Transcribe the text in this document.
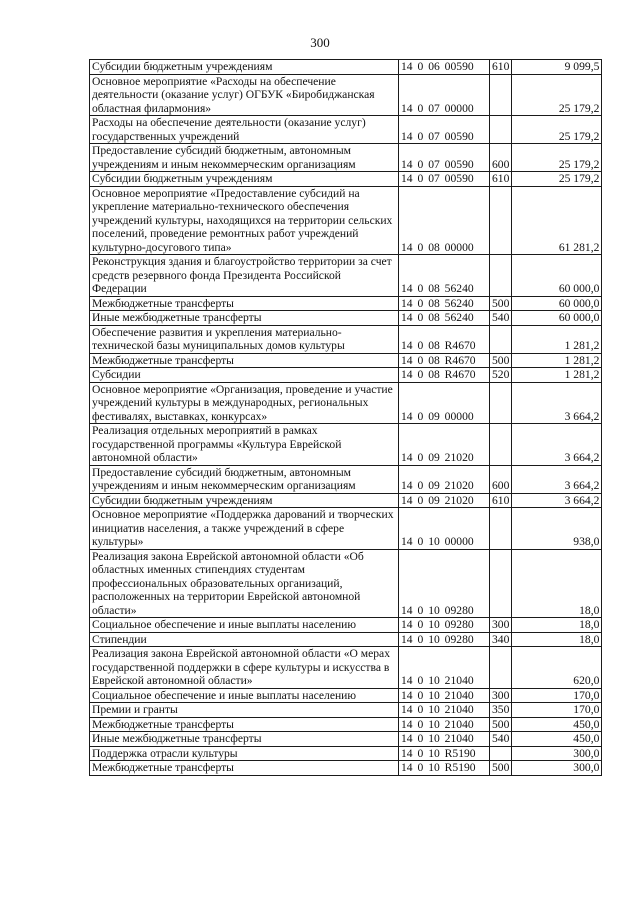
300
Субсидии бюджетным учреждениям	14 0 06 00590	610	9 099,5
Основное мероприятие «Расходы на обеспечение деятельности (оказание услуг) ОГБУК «Биробиджанская областная филармония»	14 0 07 00000		25 179,2
Расходы на обеспечение деятельности (оказание услуг) государственных учреждений	14 0 07 00590		25 179,2
Предоставление субсидий бюджетным, автономным учреждениям и иным некоммерческим организациям	14 0 07 00590	600	25 179,2
Субсидии бюджетным учреждениям	14 0 07 00590	610	25 179,2
Основное мероприятие «Предоставление субсидий на укрепление материально-технического обеспечения учреждений культуры, находящихся на территории сельских поселений, проведение ремонтных работ учреждений культурно-досугового типа»	14 0 08 00000		61 281,2
Реконструкция здания и благоустройство территории за счет средств резервного фонда Президента Российской Федерации	14 0 08 56240		60 000,0
Межбюджетные трансферты	14 0 08 56240	500	60 000,0
Иные межбюджетные трансферты	14 0 08 56240	540	60 000,0
Обеспечение развития и укрепления материально-технической базы муниципальных домов культуры	14 0 08 R4670		1 281,2
Межбюджетные трансферты	14 0 08 R4670	500	1 281,2
Субсидии	14 0 08 R4670	520	1 281,2
Основное мероприятие «Организация, проведение и участие учреждений культуры в международных, региональных фестивалях, выставках, конкурсах»	14 0 09 00000		3 664,2
Реализация отдельных мероприятий в рамках государственной программы «Культура Еврейской автономной области»	14 0 09 21020		3 664,2
Предоставление субсидий бюджетным, автономным учреждениям и иным некоммерческим организациям	14 0 09 21020	600	3 664,2
Субсидии бюджетным учреждениям	14 0 09 21020	610	3 664,2
Основное мероприятие «Поддержка дарований и творческих инициатив населения, а также учреждений в сфере культуры»	14 0 10 00000		938,0
Реализация закона Еврейской автономной области «Об областных именных стипендиях студентам профессиональных образовательных организаций, расположенных на территории Еврейской автономной области»	14 0 10 09280		18,0
Социальное обеспечение и иные выплаты населению	14 0 10 09280	300	18,0
Стипендии	14 0 10 09280	340	18,0
Реализация закона Еврейской автономной области «О мерах государственной поддержки в сфере культуры и искусства в Еврейской автономной области»	14 0 10 21040		620,0
Социальное обеспечение и иные выплаты населению	14 0 10 21040	300	170,0
Премии и гранты	14 0 10 21040	350	170,0
Межбюджетные трансферты	14 0 10 21040	500	450,0
Иные межбюджетные трансферты	14 0 10 21040	540	450,0
Поддержка отрасли культуры	14 0 10 R5190		300,0
Межбюджетные трансферты	14 0 10 R5190	500	300,0
